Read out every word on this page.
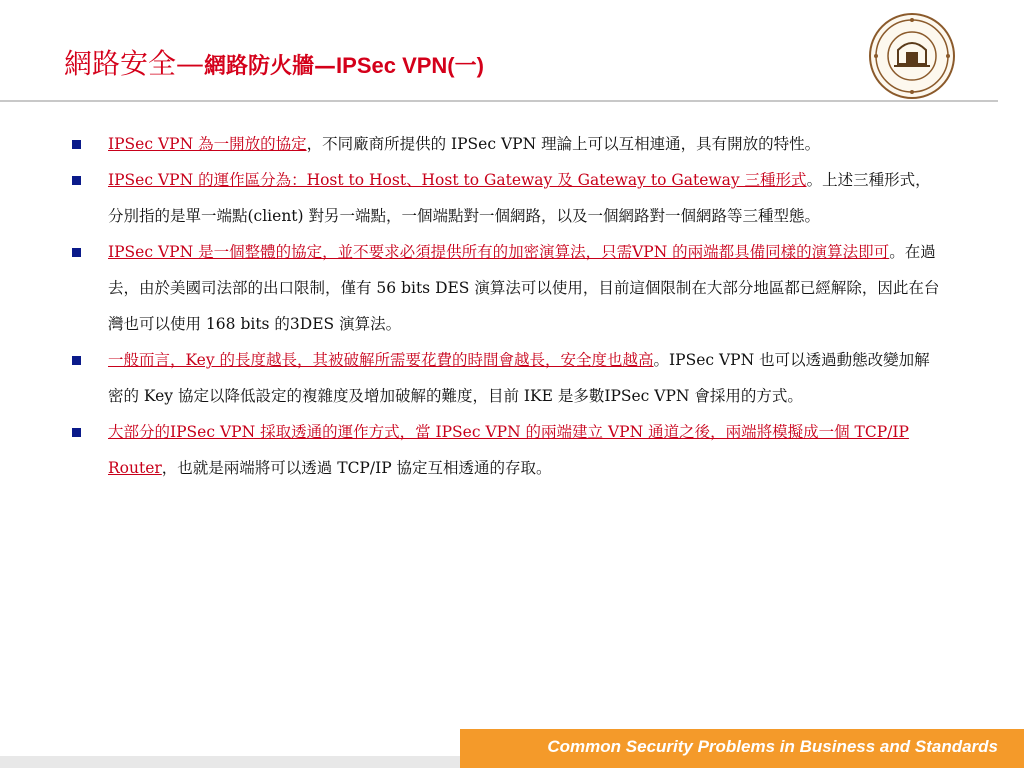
網路安全—網路防火牆—IPSec VPN(一)
IPSec VPN 為一開放的協定，不同廠商所提供的 IPSec VPN 理論上可以互相連通，具有開放的特性。
IPSec VPN 的運作區分為：Host to Host、Host to Gateway 及 Gateway to Gateway 三種形式。上述三種形式，分別指的是單一端點(client) 對另一端點，一個端點對一個網路，以及一個網路對一個網路等三種型態。
IPSec VPN 是一個整體的協定，並不要求必須提供所有的加密演算法，只需VPN 的兩端都具備同樣的演算法即可。在過去，由於美國司法部的出口限制，僅有 56 bits DES 演算法可以使用，目前這個限制在大部分地區都已經解除，因此在台灣也可以使用 168 bits 的3DES 演算法。
一般而言，Key 的長度越長，其被破解所需要花費的時間會越長，安全度也越高。IPSec VPN 也可以透過動態改變加解密的 Key 協定以降低設定的複雜度及增加破解的難度，目前 IKE 是多數IPSec VPN 會採用的方式。
大部分的IPSec VPN 採取透通的運作方式，當 IPSec VPN 的兩端建立 VPN 通道之後，兩端將模擬成一個 TCP/IP Router，也就是兩端將可以透過 TCP/IP 協定互相透通的存取。
Common Security Problems in Business and Standards
